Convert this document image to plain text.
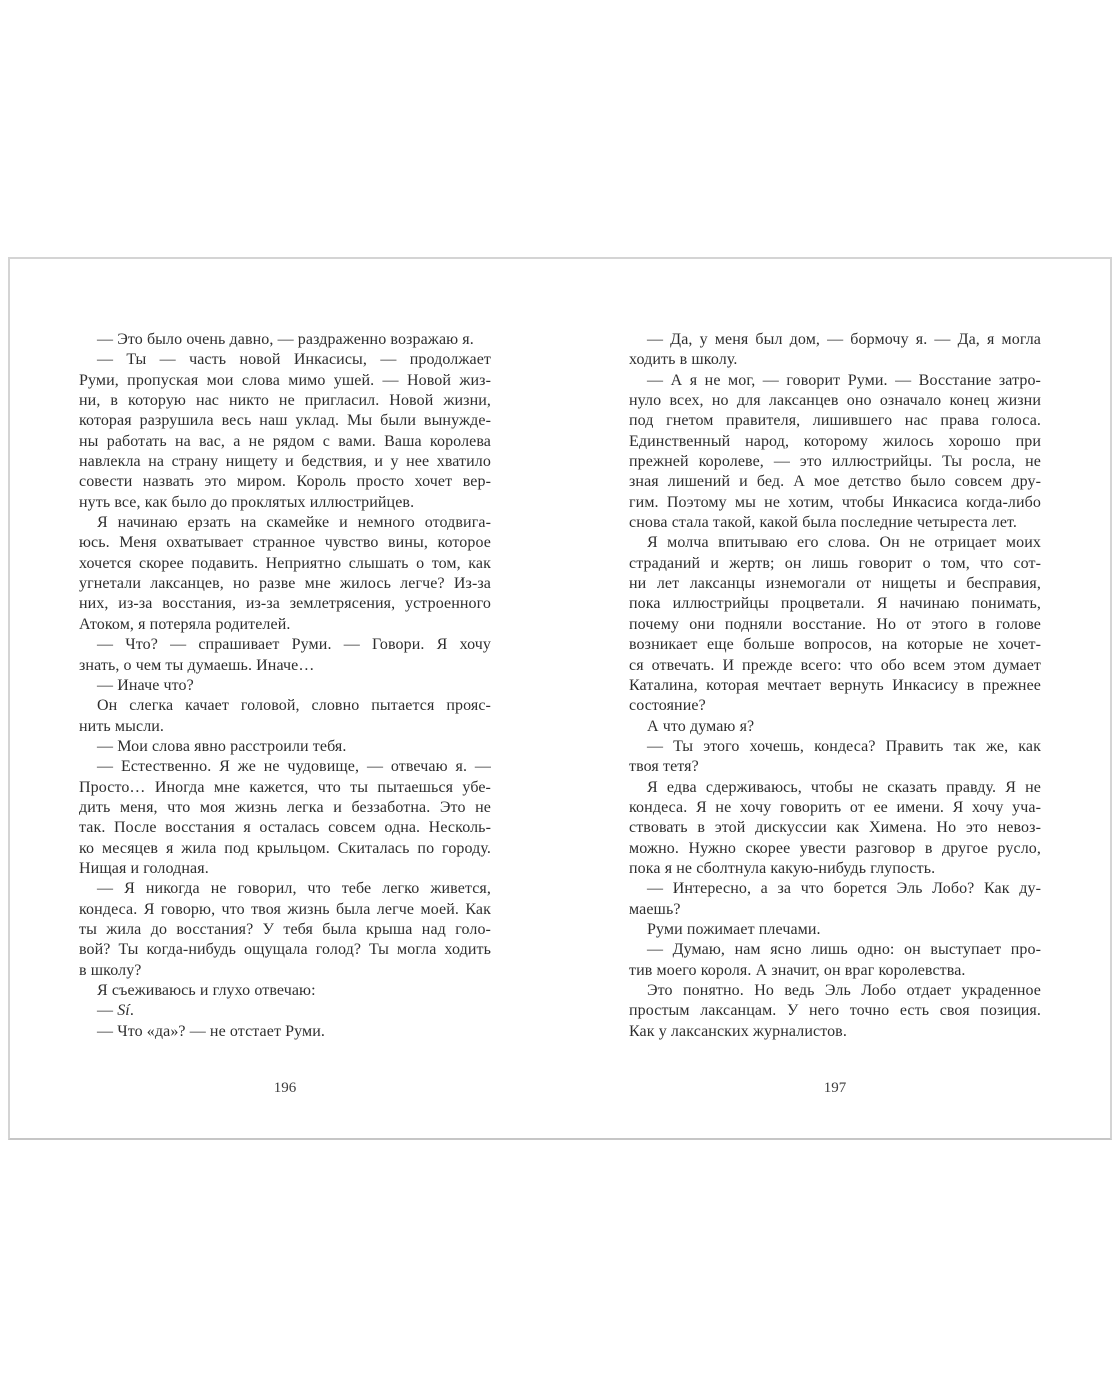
— Это было очень давно, — раздраженно возражаю я.
— Ты — часть новой Инкасисы, — продолжает
Руми, пропуская мои слова мимо ушей. — Новой жиз-
ни, в которую нас никто не пригласил. Новой жизни,
которая разрушила весь наш уклад. Мы были вынужде-
ны работать на вас, а не рядом с вами. Ваша королева
навлекла на страну нищету и бедствия, и у нее хватило
совести назвать это миром. Король просто хочет вер-
нуть все, как было до проклятых иллюстрийцев.
Я начинаю ерзать на скамейке и немного отодвига-
юсь. Меня охватывает странное чувство вины, которое
хочется скорее подавить. Неприятно слышать о том, как
угнетали лаксанцев, но разве мне жилось легче? Из-за
них, из-за восстания, из-за землетрясения, устроенного
Атоком, я потеряла родителей.
— Что? — спрашивает Руми. — Говори. Я хочу
знать, о чем ты думаешь. Иначе…
— Иначе что?
Он слегка качает головой, словно пытается прояс-
нить мысли.
— Мои слова явно расстроили тебя.
— Естественно. Я же не чудовище, — отвечаю я. —
Просто… Иногда мне кажется, что ты пытаешься убе-
дить меня, что моя жизнь легка и беззаботна. Это не
так. После восстания я осталась совсем одна. Несколь-
ко месяцев я жила под крыльцом. Скиталась по городу.
Нищая и голодная.
— Я никогда не говорил, что тебе легко живется,
кондеса. Я говорю, что твоя жизнь была легче моей. Как
ты жила до восстания? У тебя была крыша над голо-
вой? Ты когда-нибудь ощущала голод? Ты могла ходить
в школу?
Я съеживаюсь и глухо отвечаю:
— Sí.
— Что «да»? — не отстает Руми.
196
— Да, у меня был дом, — бормочу я. — Да, я могла
ходить в школу.
— А я не мог, — говорит Руми. — Восстание затро-
нуло всех, но для лаксанцев оно означало конец жизни
под гнетом правителя, лишившего нас права голоса.
Единственный народ, которому жилось хорошо при
прежней королеве, — это иллюстрийцы. Ты росла, не
зная лишений и бед. А мое детство было совсем дру-
гим. Поэтому мы не хотим, чтобы Инкасиса когда-либо
снова стала такой, какой была последние четыреста лет.
Я молча впитываю его слова. Он не отрицает моих
страданий и жертв; он лишь говорит о том, что сот-
ни лет лаксанцы изнемогали от нищеты и бесправия,
пока иллюстрийцы процветали. Я начинаю понимать,
почему они подняли восстание. Но от этого в голове
возникает еще больше вопросов, на которые не хочет-
ся отвечать. И прежде всего: что обо всем этом думает
Каталина, которая мечтает вернуть Инкасису в прежнее
состояние?
А что думаю я?
— Ты этого хочешь, кондеса? Править так же, как
твоя тетя?
Я едва сдерживаюсь, чтобы не сказать правду. Я не
кондеса. Я не хочу говорить от ее имени. Я хочу уча-
ствовать в этой дискуссии как Химена. Но это невоз-
можно. Нужно скорее увести разговор в другое русло,
пока я не сболтнула какую-нибудь глупость.
— Интересно, а за что борется Эль Лобо? Как ду-
маешь?
Руми пожимает плечами.
— Думаю, нам ясно лишь одно: он выступает про-
тив моего короля. А значит, он враг королевства.
Это понятно. Но ведь Эль Лобо отдает украденное
простым лаксанцам. У него точно есть своя позиция.
Как у лаксанских журналистов.
197
